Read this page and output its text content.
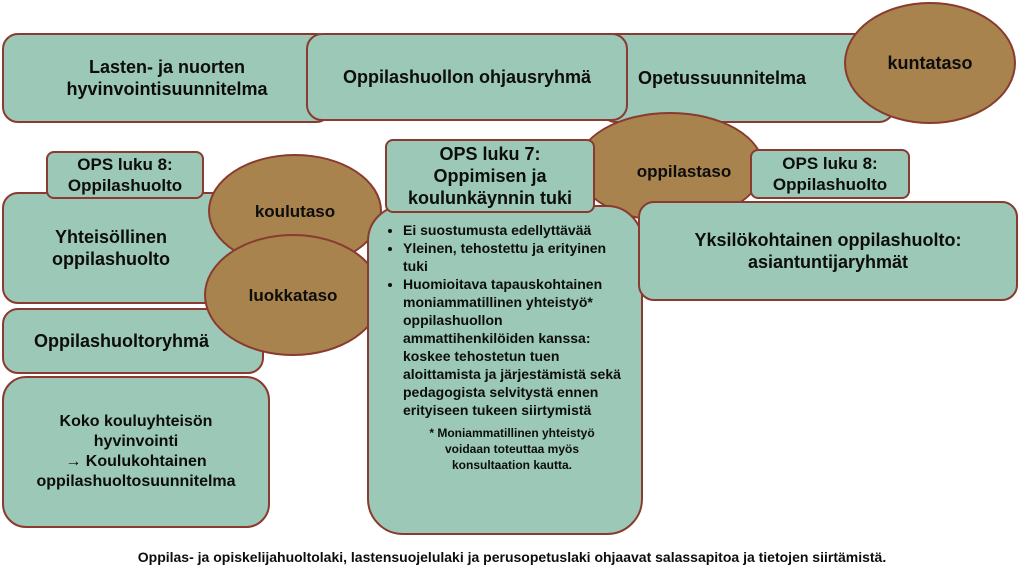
Lasten- ja nuorten
hyvinvointisuunnitelma
Opetussuunnitelma
Oppilashuollon ohjausryhmä
kuntataso
oppilastaso
Yhteisöllinen
oppilashuolto
OPS luku 8:
Oppilashuolto
koulutaso
Oppilashuoltoryhmä
luokkataso
Koko kouluyhteisön
hyvinvointi
→ Koulukohtainen
oppilashuoltosuunnitelma
• Ei suostumusta edellyttävää
• Yleinen, tehostettu ja erityinen tuki
• Huomioitava tapauskohtainen moniammatillinen yhteistyö* oppilashuollon ammattihenkilöiden kanssa: koskee tehostetun tuen aloittamista ja järjestämistä sekä pedagogista selvitystä ennen erityiseen tukeen siirtymistä
* Moniammatillinen yhteistyö
voidaan toteuttaa myös
konsultaation kautta.
OPS luku 7:
Oppimisen ja
koulunkäynnin tuki
Yksilökohtainen oppilashuolto:
asiantuntijaryhmät
OPS luku 8:
Oppilashuolto
Oppilas- ja opiskelijahuoltolaki, lastensuojelulaki ja perusopetuslaki ohjaavat salassapitoa ja tietojen siirtämistä.
